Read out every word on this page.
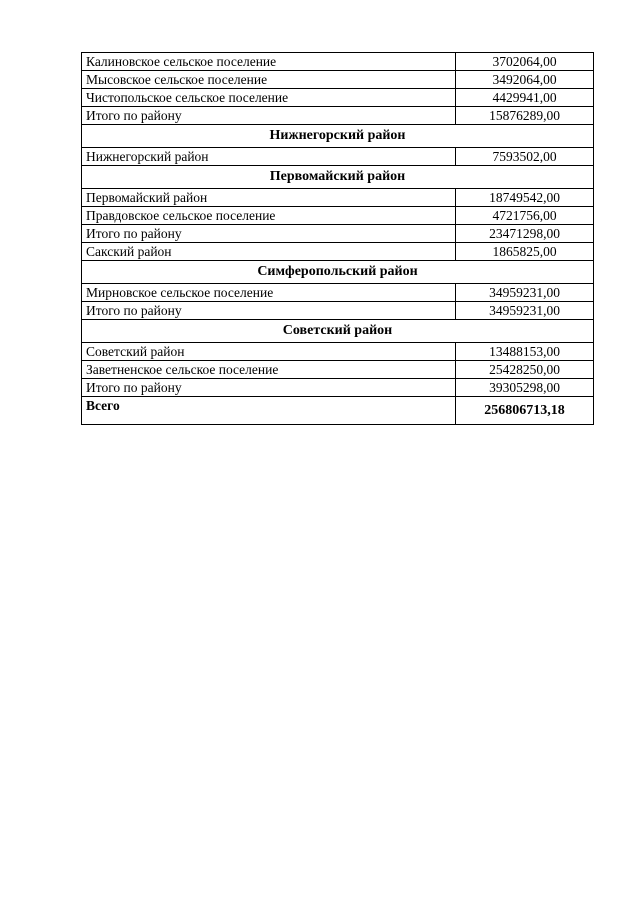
Калиновское сельское поселение	3702064,00
Мысовское сельское поселение	3492064,00
Чистопольское сельское поселение	4429941,00
Итого по району	15876289,00
Нижнегорский район	
Нижнегорский район	7593502,00
Первомайский район	
Первомайский район	18749542,00
Правдовское сельское поселение	4721756,00
Итого по району	23471298,00
Сакский район	1865825,00
Симферопольский район	
Мирновское сельское поселение	34959231,00
Итого по району	34959231,00
Советский район	
Советский район	13488153,00
Заветненское сельское поселение	25428250,00
Итого по району	39305298,00
Всего	256806713,18
